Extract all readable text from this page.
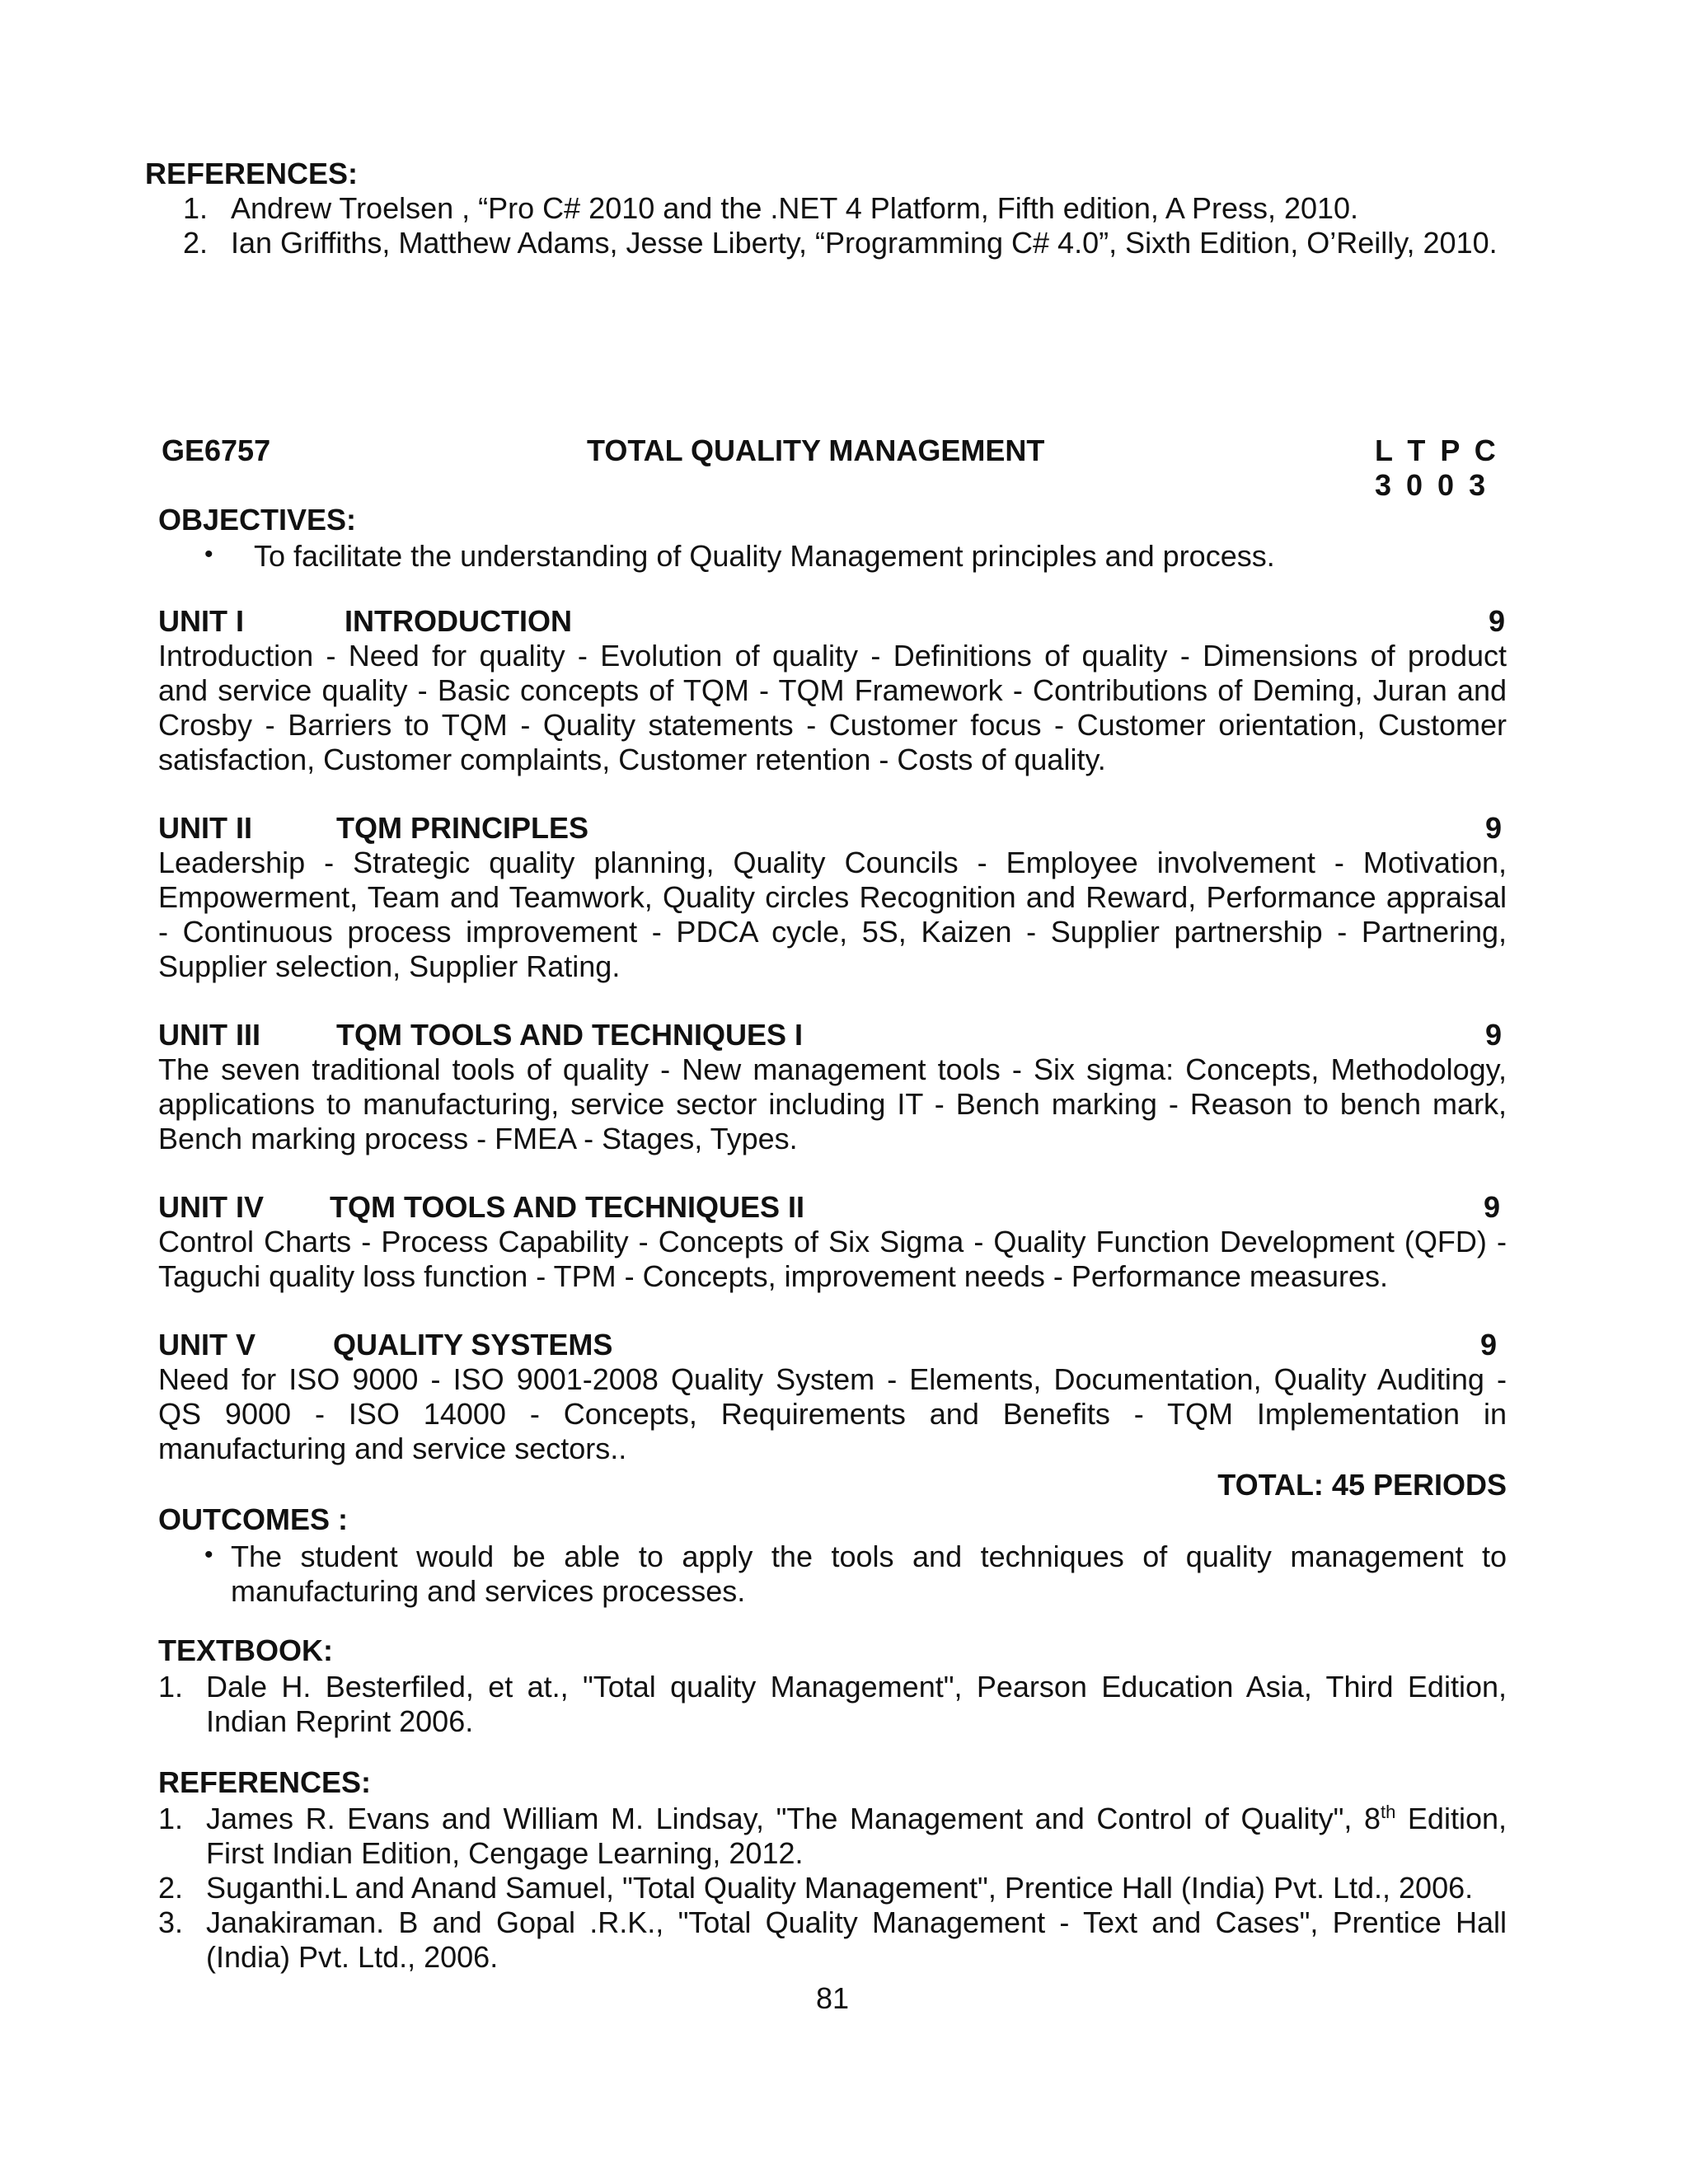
REFERENCES:
1. Andrew Troelsen , “Pro C# 2010 and the .NET 4 Platform, Fifth edition, A Press, 2010.
2. Ian Griffiths, Matthew Adams, Jesse Liberty, “Programming C# 4.0”, Sixth Edition, O’Reilly, 2010.
GE6757	TOTAL QUALITY MANAGEMENT	L T P C
3 0 0 3
OBJECTIVES:
• To facilitate the understanding of Quality Management principles and process.
UNIT I	INTRODUCTION	9
Introduction - Need for quality - Evolution of quality - Definitions of quality - Dimensions of product
and service quality - Basic concepts of TQM - TQM Framework - Contributions of Deming, Juran and
Crosby - Barriers to TQM - Quality statements - Customer focus - Customer orientation, Customer
satisfaction, Customer complaints, Customer retention - Costs of quality.
UNIT II	TQM PRINCIPLES	9
Leadership - Strategic quality planning, Quality Councils - Employee involvement - Motivation,
Empowerment, Team and Teamwork, Quality circles Recognition and Reward, Performance appraisal
- Continuous process improvement - PDCA cycle, 5S, Kaizen - Supplier partnership - Partnering,
Supplier selection, Supplier Rating.
UNIT III	TQM TOOLS AND TECHNIQUES I	9
The seven traditional tools of quality - New management tools - Six sigma: Concepts, Methodology,
applications to manufacturing, service sector including IT - Bench marking - Reason to bench mark,
Bench marking process - FMEA - Stages, Types.
UNIT IV TQM TOOLS AND TECHNIQUES II	9
Control Charts - Process Capability - Concepts of Six Sigma - Quality Function Development (QFD) -
Taguchi quality loss function - TPM - Concepts, improvement needs - Performance measures.
UNIT V	QUALITY SYSTEMS	9
Need for ISO 9000 - ISO 9001-2008 Quality System - Elements, Documentation, Quality Auditing -
QS 9000 - ISO 14000 - Concepts, Requirements and Benefits - TQM Implementation in
manufacturing and service sectors..
TOTAL: 45 PERIODS
OUTCOMES :
• The student would be able to apply the tools and techniques of quality management to
manufacturing and services processes.
TEXTBOOK:
1. Dale H. Besterfiled, et at., "Total quality Management", Pearson Education Asia, Third Edition,
Indian Reprint 2006.
REFERENCES:
1. James R. Evans and William M. Lindsay, "The Management and Control of Quality", 8th Edition,
First Indian Edition, Cengage Learning, 2012.
2. Suganthi.L and Anand Samuel, "Total Quality Management", Prentice Hall (India) Pvt. Ltd., 2006.
3. Janakiraman. B and Gopal .R.K., "Total Quality Management - Text and Cases", Prentice Hall
(India) Pvt. Ltd., 2006.
81
